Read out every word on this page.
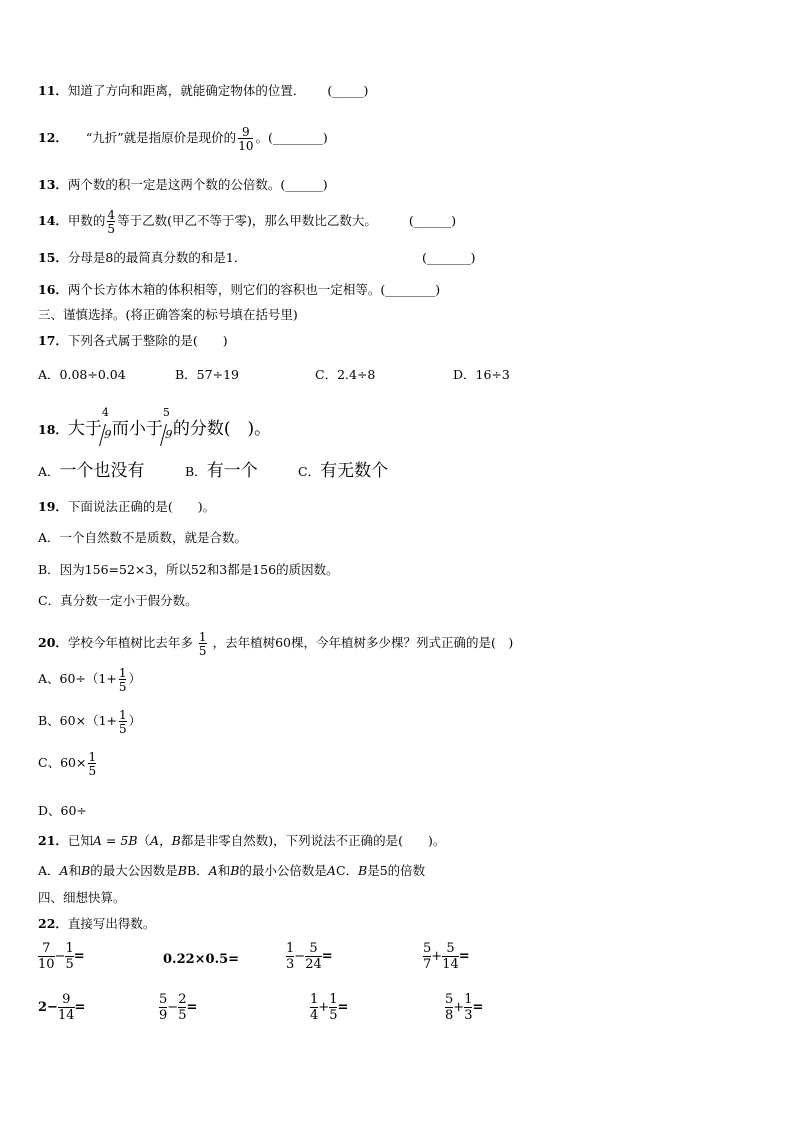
11．知道了方向和距离，就能确定物体的位置． (_____)
12． “九折”就是指原价是现价的 $\frac{9}{10}$ 。(________)
13．两个数的积一定是这两个数的公倍数。(______)
14．甲数的 $\frac{4}{5}$ 等于乙数(甲乙不等于零)，那么甲数比乙数大。	(______)
15．分母是8的最简真分数的和是1．	(_______)
16．两个长方体木箱的体积相等，则它们的容积也一定相等。(________)
三、谨慎选择。(将正确答案的标号填在括号里)
17．下列各式属于整除的是(　　)
A．0.08÷0.04	B．57÷19	C．2.4÷8	D．16÷3
18．大于
4
9 而小于
5
9 的分数(　)。
A．一个也没有	B．有一个	C．有无数个
19．下面说法正确的是(　　)。
A．一个自然数不是质数，就是合数。
B．因为156=52×3，所以52和3都是156的质因数。
C．真分数一定小于假分数。
20．学校今年植树比去年多 $\frac{1}{5}$ ，去年植树60棵，今年植树多少棵？列式正确的是(　)
A、$60\div(1+ \frac{1}{5}$ ）
B、$60\times(1+ \frac{1}{5}$ ）
C、$60\times \frac{1}{5}$
D、60÷
21．已知A = 5B（A，B都是非零自然数)，下列说法不正确的是(　　)。
A．A和B的最大公因数是BB．A和B的最小公倍数是AC．B是5的倍数
四、细想快算。
22．直接写出得数。
$\frac{7}{10} - \frac{1}{5}$ =	0.22×0.5=	$\frac{1}{3} - \frac{5}{24}$ =	$\frac{5}{7} + \frac{5}{14}$ =
$2- \frac{9}{14}$ =	$\frac{5}{9} - \frac{2}{5}$ =	$\frac{1}{4} + \frac{1}{5}$ =	$\frac{5}{8} + \frac{1}{3}$ =
